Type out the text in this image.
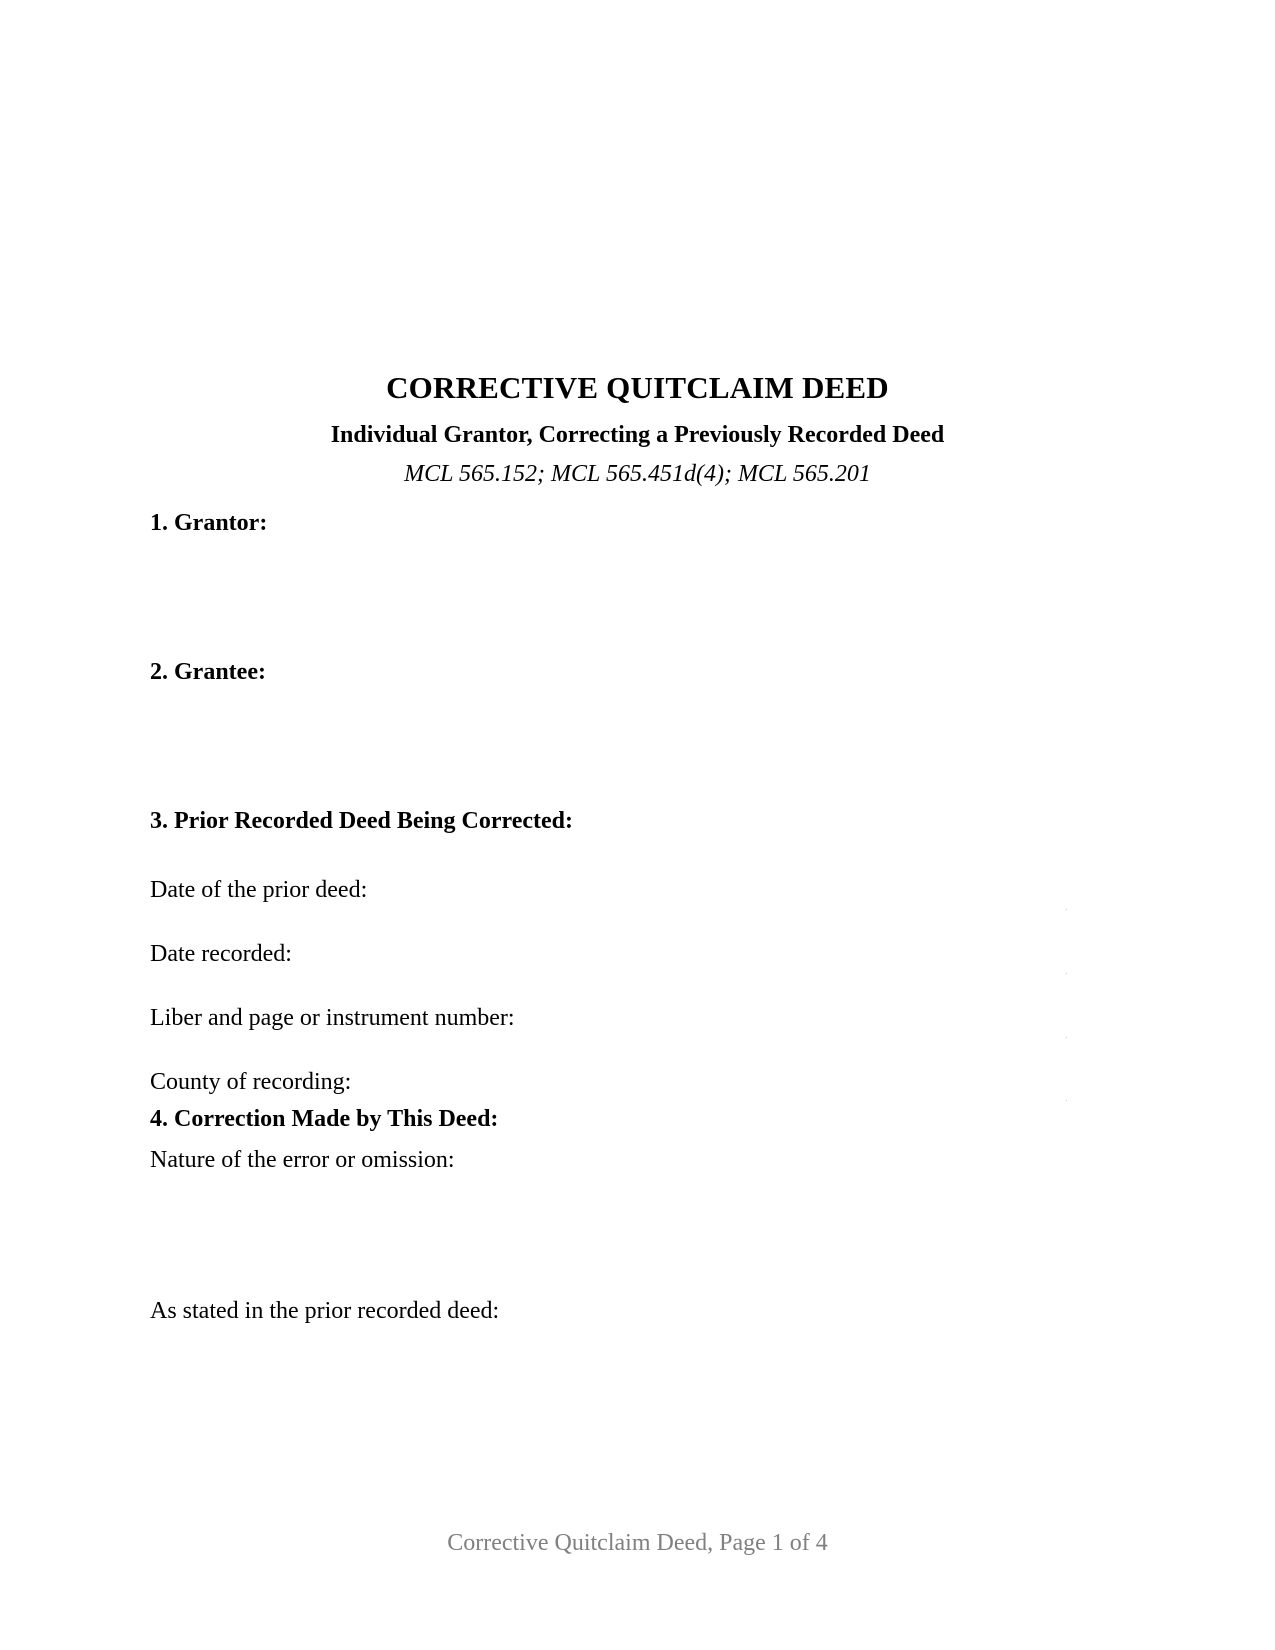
CORRECTIVE QUITCLAIM DEED

Individual Grantor, Correcting a Previously Recorded Deed

MCL 565.152; MCL 565.451d(4); MCL 565.201

1. Grantor:

2. Grantee:

3. Prior Recorded Deed Being Corrected:

Date of the prior deed:

Date recorded:

Liber and page or instrument number:

County of recording:

4. Correction Made by This Deed:

Nature of the error or omission:

As stated in the prior recorded deed:

Corrective Quitclaim Deed, Page 1 of 4
